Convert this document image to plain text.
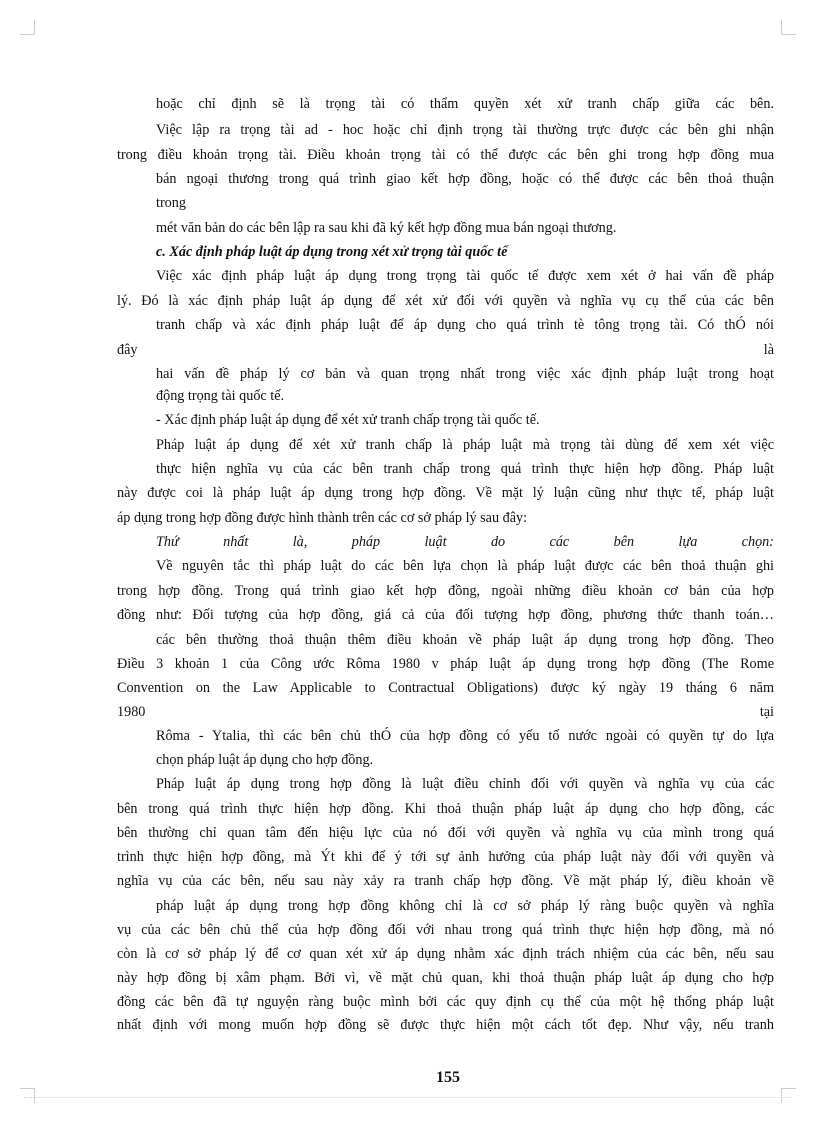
hoặc chỉ định sẽ là trọng tài có thẩm quyền xét xử tranh chấp giữa các bên.
Việc lập ra trọng tài ad - hoc hoặc chỉ định trọng tài thường trực được các bên ghi nhận
trong điều khoản trọng tài. Điều khoản trọng tài có thể được các bên ghi trong hợp đồng mua
bán ngoại thương trong quá trình giao kết hợp đồng, hoặc có thể được các bên thoả thuận
trong
mét văn bản do các bên lập ra sau khi đã ký kết hợp đồng mua bán ngoại thương.
c. Xác định pháp luật áp dụng trong xét xử trọng tài quốc tế
Việc xác định pháp luật áp dụng trong trọng tài quốc tế được xem xét ở hai vấn đề pháp
lý. Đó là xác định pháp luật áp dụng để xét xử đối với quyền và nghĩa vụ cụ thể của các bên
tranh chấp và xác định pháp luật để áp dụng cho quá trình tè tông trọng tài. Có thÓ nói
đây	là
hai vấn đề pháp lý cơ bản và quan trọng nhất trong việc xác định pháp luật trong hoạt
động trọng tài quốc tế.
- Xác định pháp luật áp dụng để xét xử tranh chấp trọng tài quốc tế.
Pháp luật áp dụng để xét xử tranh chấp là pháp luật mà trọng tài dùng để xem xét việc
thực hiện nghĩa vụ của các bên tranh chấp trong quá trình thực hiện hợp đồng. Pháp luật
này được coi là pháp luật áp dụng trong hợp đồng. Về mặt lý luận cũng như thực tế, pháp luật
áp dụng trong hợp đồng được hình thành trên các cơ sở pháp lý sau đây:
Thứ nhất là, pháp luật do các bên lựa chọn:
Về nguyên tắc thì pháp luật do các bên lựa chọn là pháp luật được các bên thoả thuận ghi
trong hợp đồng. Trong quá trình giao kết hợp đồng, ngoài những điều khoản cơ bản của hợp
đồng như: Đối tượng của hợp đồng, giá cả của đối tượng hợp đồng, phương thức thanh toán…
các bên thường thoả thuận thêm điều khoản về pháp luật áp dụng trong hợp đồng. Theo
Điều 3 khoản 1 của Công ước Rôma 1980 v pháp luật áp dụng trong hợp đồng (The Rome
Convention on the Law Applicable to Contractual Obligations) được ký ngày 19 tháng 6 năm
1980	tại
Rôma - Ytalia, thì các bên chủ thÓ của hợp đồng có yếu tố nước ngoài có quyền tự do lựa
chọn pháp luật áp dụng cho hợp đồng.
Pháp luật áp dụng trong hợp đồng là luật điều chỉnh đối với quyền và nghĩa vụ của các
bên trong quá trình thực hiện hợp đồng. Khi thoả thuận pháp luật áp dụng cho hợp đồng, các
bên thường chỉ quan tâm đến hiệu lực của nó đối với quyền và nghĩa vụ của mình trong quá
trình thực hiện hợp đồng, mà Ýt khi để ý tới sự ảnh hưởng của pháp luật này đối với quyền và
nghĩa vụ của các bên, nếu sau này xảy ra tranh chấp hợp đồng. Về mặt pháp lý, điều khoản về
pháp luật áp dụng trong hợp đồng không chỉ là cơ sở pháp lý ràng buộc quyền và nghĩa
vụ của các bên chủ thể của hợp đồng đối với nhau trong quá trình thực hiện hợp đồng, mà nó
còn là cơ sở pháp lý để cơ quan xét xử áp dụng nhằm xác định trách nhiệm của các bên, nếu sau
này hợp đồng bị xâm phạm. Bởi vì, về mặt chủ quan, khi thoả thuận pháp luật áp dụng cho hợp
đồng các bên đã tự nguyện ràng buộc mình bởi các quy định cụ thể của một hệ thống pháp luật
nhất định với mong muốn hợp đồng sẽ được thực hiện một cách tốt đẹp. Như vậy, nếu tranh
155
